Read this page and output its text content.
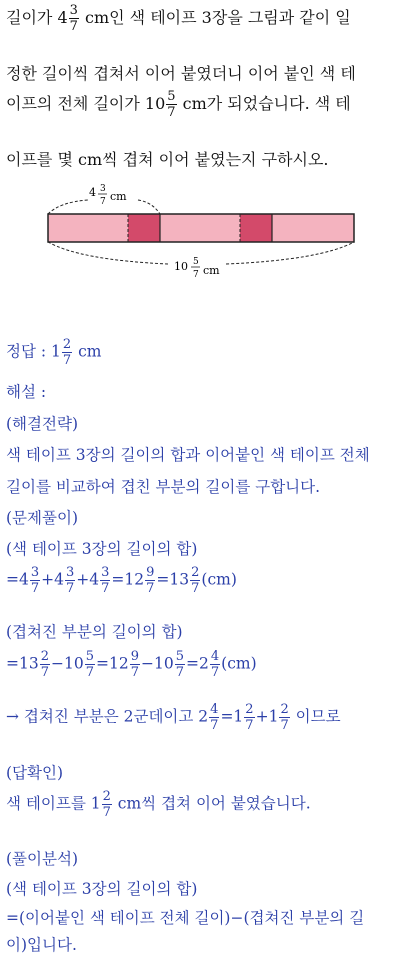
길이가 $4 \frac{3}{7}$ cm인 색 테이프 3장을 그림과 같이 일
정한 길이씩 겹쳐서 이어 붙였더니 이어 붙인 색 테
이프의 전체 길이가 $10 \frac{5}{7}$ cm가 되었습니다. 색 테
이프를 몇 cm씩 겹쳐 이어 붙였는지 구하시오.
4 3
7 cm
10 5
7 cm
정답 : $1 \frac{2}{7}$ cm
해설 :
(해결전략)
색 테이프 3장의 길이의 합과 이어붙인 색 테이프 전체
길이를 비교하여 겹친 부분의 길이를 구합니다.
(문제풀이)
(색 테이프 3장의 길이의 합)
$=4 \frac{3}{7} +4 \frac{3}{7} +4 \frac{3}{7} =12 \frac{9}{7} =13 \frac{2}{7} (cm)$
(겹쳐진 부분의 길이의 합)
$=13 \frac{2}{7} -10 \frac{5}{7} =12 \frac{9}{7} -10 \frac{5}{7} =2 \frac{4}{7} (cm)$
→ 겹쳐진 부분은 2군데이고 $2 \frac{4}{7} =1 \frac{2}{7} +1 \frac{2}{7}$ 이므로
(답확인)
색 테이프를 $1 \frac{2}{7}$ cm씩 겹쳐 이어 붙였습니다.
(풀이분석)
(색 테이프 3장의 길이의 합)
=(이어붙인 색 테이프 전체 길이)−(겹쳐진 부분의 길
이)입니다.
